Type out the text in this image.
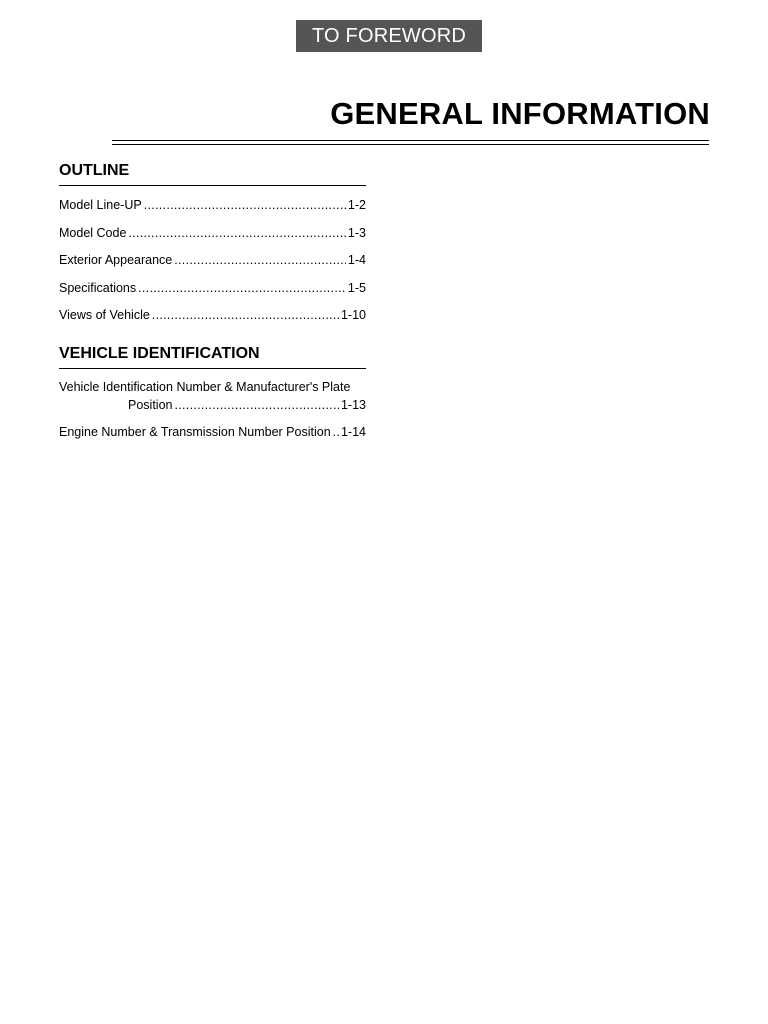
TO FOREWORD
GENERAL INFORMATION
OUTLINE
Model Line-UP .....	1-2
Model Code .....	1-3
Exterior Appearance .....	1-4
Specifications .....	1-5
Views of Vehicle .....	1-10
VEHICLE IDENTIFICATION
Vehicle Identification Number & Manufacturer's Plate
Position .....	1-13
Engine Number & Transmission Number Position ..... 1-14
